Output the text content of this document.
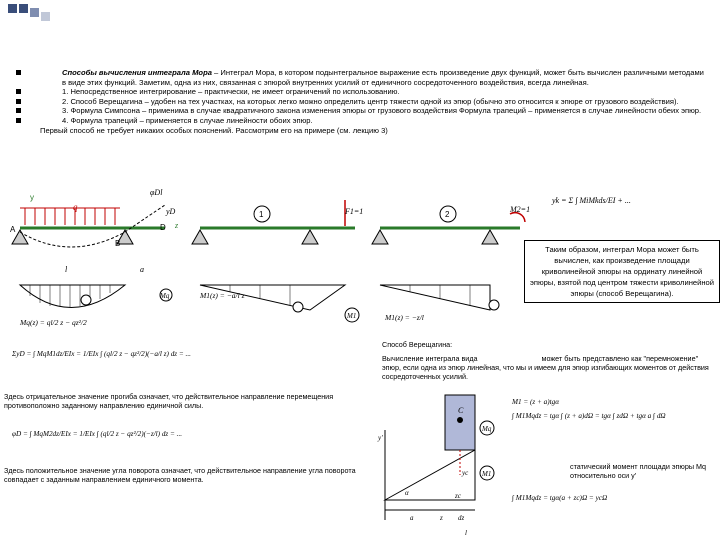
Способы вычисления интеграла Мора – Интеграл Мора, в котором подынтегральное выражение есть произведение двух функций, может быть вычислен различными методами в виде этих функций. Заметим, одна из них, связанная с эпюрой внутренних усилий от единичного сосредоточенного воздействия, всегда линейная.
1. Непосредственное интегрирование – практически, не имеет ограничений по использованию.
2. Способ Верещагина – удобен на тех участках, на которых легко можно определить центр тяжести одной из эпюр (обычно это относится к эпюре от грузового воздействия).
3. Формула Симпсона – применима в случае квадратичного закона изменения эпюры от грузового воздействия Формула трапеций – применяется в случае линейности обеих эпюр.
4. Формула трапеций – применяется в случае линейности обоих эпюр.
Первый способ не требует никаких особых пояснений. Рассмотрим его на примере (см. лекцию 3)
yk = Σ ∫ MiMkds/EI + ...
A
q
y
φDl
yD
D z
B
l	a
Mq
1	2
F1=1	M2=1
M1
Mq(z) = ql/2 z − qz²/2
M1(z) = −a/l z
M1(z) = −z/l
C
Mq
M1
yc
y'
α	zc
z dz
l
a
Таким образом, интеграл Мора может быть вычислен, как произведение площади криволинейной эпюры на ординату линейной эпюры, взятой под центром тяжести криволинейной эпюры (способ Верещагина).
ΣyD = ∫ MqM1dz/EIx = 1/EIx ∫ (ql/2 z − qz²/2)(−a/l z) dz = ...
Здесь отрицательное значение прогиба означает, что действительное направление перемещения противоположно заданному направлению единичной силы.
φD = ∫ MqM2dz/EIx = 1/EIx ∫ (ql/2 z − qz²/2)(−z/l) dz = ...
Здесь положительное значение угла поворота означает, что действительное направление угла поворота совпадает с заданным направлением единичного момента.
Способ Верещагина:
Вычисление интеграла вида	может быть представлено как "перемножение" эпюр, если одна из эпюр линейная, что мы и имеем для эпюр изгибающих моментов от действия сосредоточенных усилий.
M1 = (z + a)tgα
∫ M1Mqdz = tgα ∫ (z + a)dΩ = tgα ∫ zdΩ + tgα a ∫ dΩ
статический момент площади эпюры Mq относительно оси y'
∫ M1Mqdz = tgα(a + zc)Ω = ycΩ
